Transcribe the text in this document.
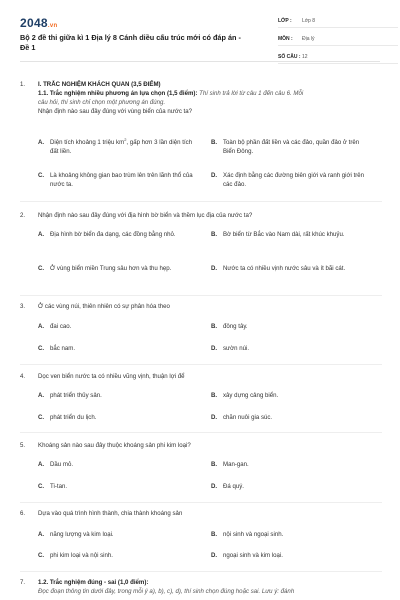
2048.vn
Bộ 2 đề thi giữa kì 1 Địa lý 8 Cánh diều cấu trúc mới có đáp án - Đề 1
LỚP :	Lớp 8
MÔN :	Địa lý
SỐ CÂU : 12
1. I. TRẮC NGHIỆM KHÁCH QUAN (3,5 ĐIỂM)
1.1. Trắc nghiệm nhiều phương án lựa chọn (1,5 điểm): Thí sinh trả lời từ câu 1 đến câu 6. Mỗi
câu hỏi, thí sinh chỉ chọn một phương án đúng.
Nhận định nào sau đây đúng với vùng biển của nước ta?
A. Diện tích khoảng 1 triệu $km^2$, gấp hơn 3 lần diện tích đất liền.
B. Toàn bộ phần đất liền và các đảo, quần đảo ở trên Biển Đông.
C. Là khoảng không gian bao trùm lên trên lãnh thổ của nước ta.
D. Xác định bằng các đường biên giới và ranh giới trên các đảo.
2. Nhận định nào sau đây đúng với địa hình bờ biển và thềm lục địa của nước ta?
A. Địa hình bờ biển đa dạng, các đồng bằng nhỏ.	B. Bờ biển từ Bắc vào Nam dài, rất khúc khuỷu.
C. Ở vùng biển miền Trung sâu hơn và thu hẹp.	D. Nước ta có nhiều vịnh nước sâu và ít bãi cát.
3. Ở các vùng núi, thiên nhiên có sự phân hóa theo
A. đai cao.	B. đông tây.
C. bắc nam.	D. sườn núi.
4. Dọc ven biển nước ta có nhiều vũng vịnh, thuận lợi để
A. phát triển thủy sản.	B. xây dựng cảng biển.
C. phát triển du lịch.	D. chăn nuôi gia súc.
5. Khoáng sản nào sau đây thuộc khoáng sản phi kim loại?
A. Dầu mỏ.	B. Man-gan.
C. Ti-tan.	D. Đá quý.
6. Dựa vào quá trình hình thành, chia thành khoáng sản
A. năng lượng và kim loại.	B. nội sinh và ngoại sinh.
C. phi kim loại và nội sinh.	D. ngoại sinh và kim loại.
7. 1.2. Trắc nghiệm đúng - sai (1,0 điểm):
Đọc đoạn thông tin dưới đây, trong mỗi ý a), b), c), d), thí sinh chọn đúng hoặc sai. Lưu ý: đánh
